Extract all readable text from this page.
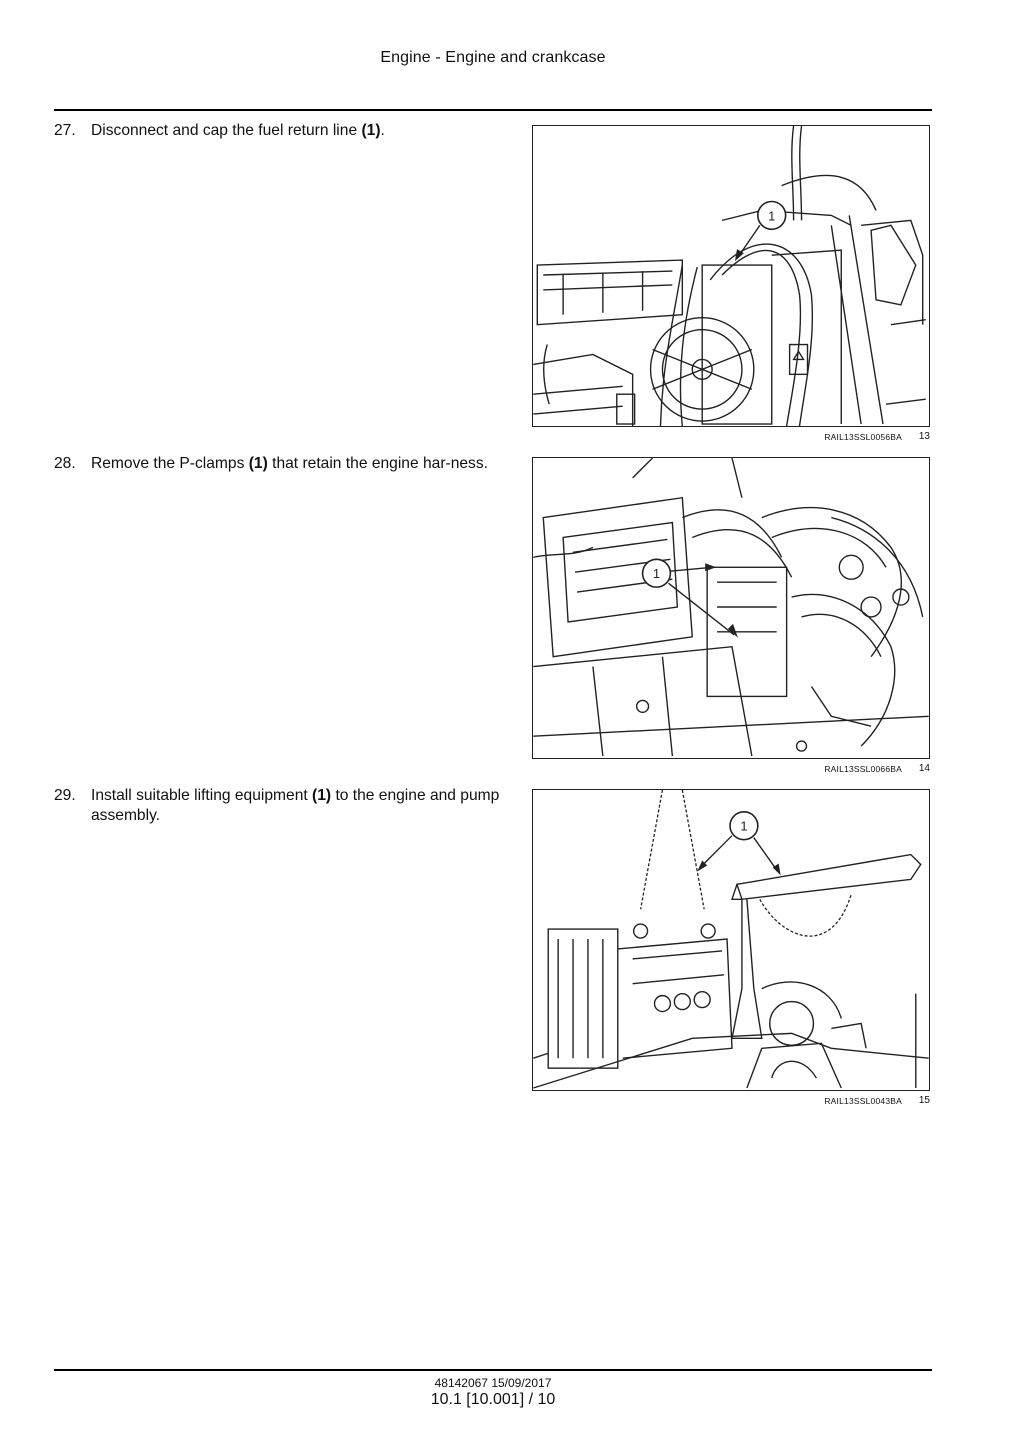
Engine - Engine and crankcase
27. Disconnect and cap the fuel return line (1).
1
RAIL13SSL0056BA 13
28. Remove the P-clamps (1) that retain the engine har-ness.
1
RAIL13SSL0066BA 14
29. Install suitable lifting equipment (1) to the engine and pump assembly.
1
RAIL13SSL0043BA 15
48142067 15/09/2017
10.1 [10.001] / 10
